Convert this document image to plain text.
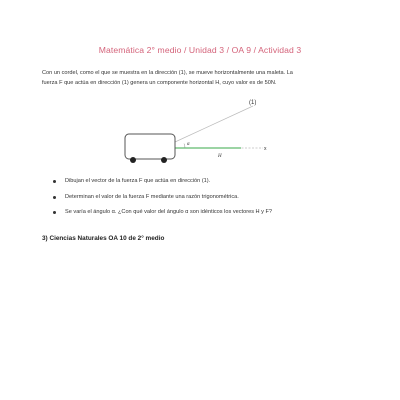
Matemática 2° medio / Unidad 3 / OA 9 / Actividad 3
Con un cordel, como el que se muestra en la dirección (1), se mueve horizontalmente una maleta. La
fuerza F que actúa en dirección (1) genera un componente horizontal H, cuyo valor es de 50N.
(1)
α
H
x
Dibujan el vector de la fuerza F que actúa en dirección (1).
Determinan el valor de la fuerza F mediante una razón trigonométrica.
Se varía el ángulo α. ¿Con qué valor del ángulo α son idénticos los vectores H y F?
3) Ciencias Naturales OA 10 de 2° medio
